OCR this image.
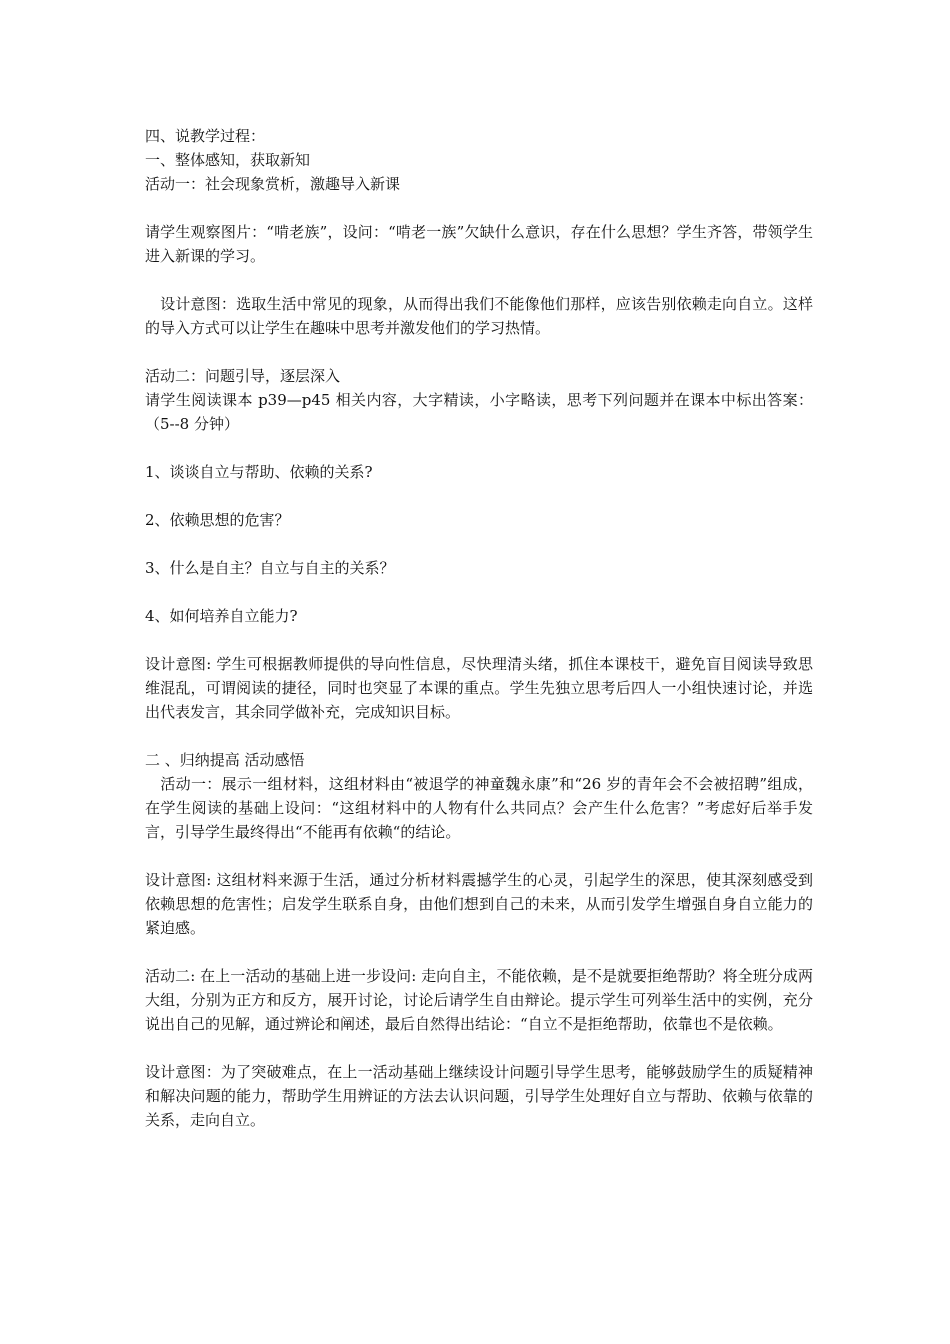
四、说教学过程：
一、整体感知，获取新知
活动一：社会现象赏析，激趣导入新课

请学生观察图片：“啃老族”，设问：“啃老一族”欠缺什么意识，存在什么思想？学生齐答，带领学生进入新课的学习。

　设计意图：选取生活中常见的现象，从而得出我们不能像他们那样，应该告别依赖走向自立。这样的导入方式可以让学生在趣味中思考并激发他们的学习热情。

活动二：问题引导，逐层深入

请学生阅读课本 p39—p45 相关内容，大字精读，小字略读，思考下列问题并在课本中标出答案：（5--8 分钟）

1、谈谈自立与帮助、依赖的关系?
2、依赖思想的危害？
3、什么是自主？自立与自主的关系？
4、如何培养自立能力?

设计意图: 学生可根据教师提供的导向性信息，尽快理清头绪，抓住本课枝干，避免盲目阅读导致思维混乱，可谓阅读的捷径，同时也突显了本课的重点。学生先独立思考后四人一小组快速讨论，并选出代表发言，其余同学做补充，完成知识目标。

二 、归纳提高 活动感悟

　活动一：展示一组材料，这组材料由“被退学的神童魏永康”和“26 岁的青年会不会被招聘”组成，在学生阅读的基础上设问：“这组材料中的人物有什么共同点？会产生什么危害？”考虑好后举手发言，引导学生最终得出“不能再有依赖“的结论。

设计意图: 这组材料来源于生活，通过分析材料震撼学生的心灵，引起学生的深思，使其深刻感受到依赖思想的危害性；启发学生联系自身，由他们想到自己的未来，从而引发学生增强自身自立能力的紧迫感。

活动二: 在上一活动的基础上进一步设问: 走向自主，不能依赖，是不是就要拒绝帮助？将全班分成两大组，分别为正方和反方，展开讨论，讨论后请学生自由辩论。提示学生可列举生活中的实例，充分说出自己的见解，通过辨论和阐述，最后自然得出结论：“自立不是拒绝帮助，依靠也不是依赖。

设计意图：为了突破难点，在上一活动基础上继续设计问题引导学生思考，能够鼓励学生的质疑精神和解决问题的能力，帮助学生用辨证的方法去认识问题，引导学生处理好自立与帮助、依赖与依靠的关系，走向自立。
